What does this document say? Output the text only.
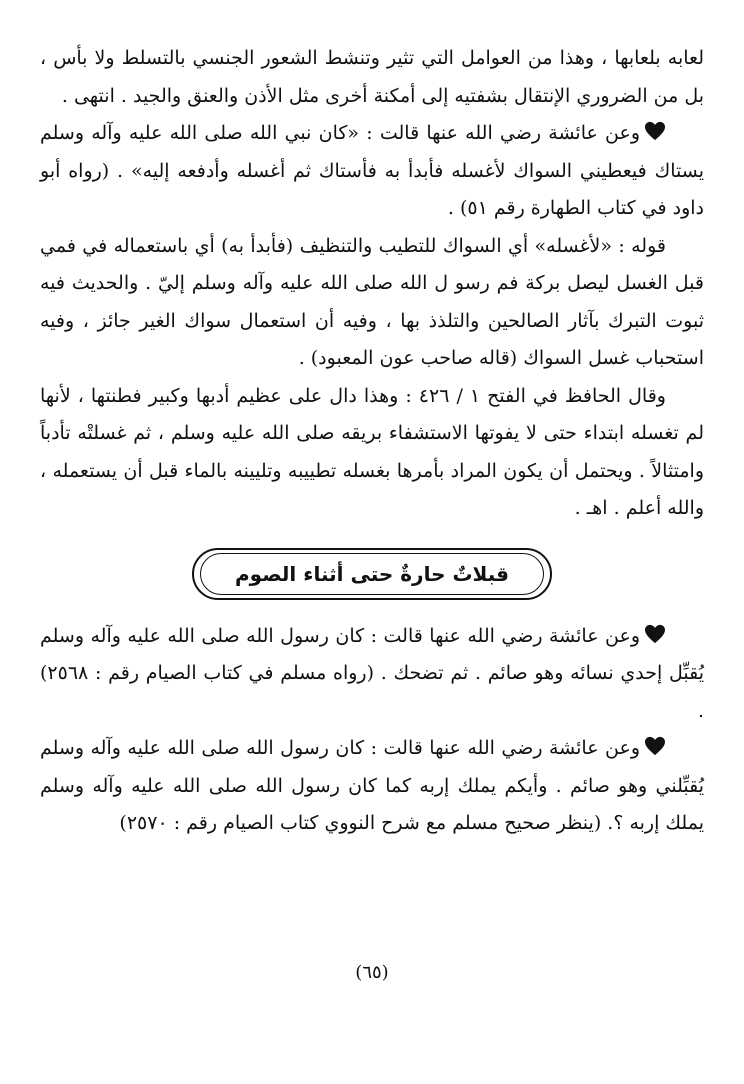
لعابه بلعابها ، وهذا من العوامل التي تثير وتنشط الشعور الجنسي بالتسلط ولا بأس ، بل من الضروري الإنتقال بشفتيه إلى أمكنة أخرى مثل الأذن والعنق والجيد . انتهى .

وعن عائشة رضي الله عنها قالت : «كان نبي الله صلى الله عليه وآله وسلم يستاك فيعطيني السواك لأغسله فأبدأ به فأستاك ثم أغسله وأدفعه إليه» . (رواه أبو داود في كتاب الطهارة رقم ٥١) .

قوله : «لأغسله» أي السواك للتطيب والتنظيف (فأبدأ به) أي باستعماله في فمي قبل الغسل ليصل بركة فم رسو ل الله صلى الله عليه وآله وسلم إليّ . والحديث فيه ثبوت التبرك بآثار الصالحين والتلذذ بها ، وفيه أن استعمال سواك الغير جائز ، وفيه استحباب غسل السواك (قاله صاحب عون المعبود) .

وقال الحافظ في الفتح ١ / ٤٢٦ : وهذا دال على عظيم أدبها وكبير فطنتها ، لأنها لم تغسله ابتداء حتى لا يفوتها الاستشفاء بريقه صلى الله عليه وسلم ، ثم غسلتْه تأدباً وامتثالاً . ويحتمل أن يكون المراد بأمرها بغسله تطييبه وتليينه بالماء قبل أن يستعمله ، والله أعلم . اهـ .

قبلاتٌ حارةٌ حتى أثناء الصوم

وعن عائشة رضي الله عنها قالت : كان رسول الله صلى الله عليه وآله وسلم يُقبِّل إحدي نسائه وهو صائم . ثم تضحك . (رواه مسلم في كتاب الصيام رقم : ٢٥٦٨) .

وعن عائشة رضي الله عنها قالت : كان رسول الله صلى الله عليه وآله وسلم يُقبِّلني وهو صائم . وأيكم يملك إربه كما كان رسول الله صلى الله عليه وآله وسلم يملك إربه ؟. (ينظر صحيح مسلم مع شرح النووي كتاب الصيام رقم : ٢٥٧٠)

(٦٥)
